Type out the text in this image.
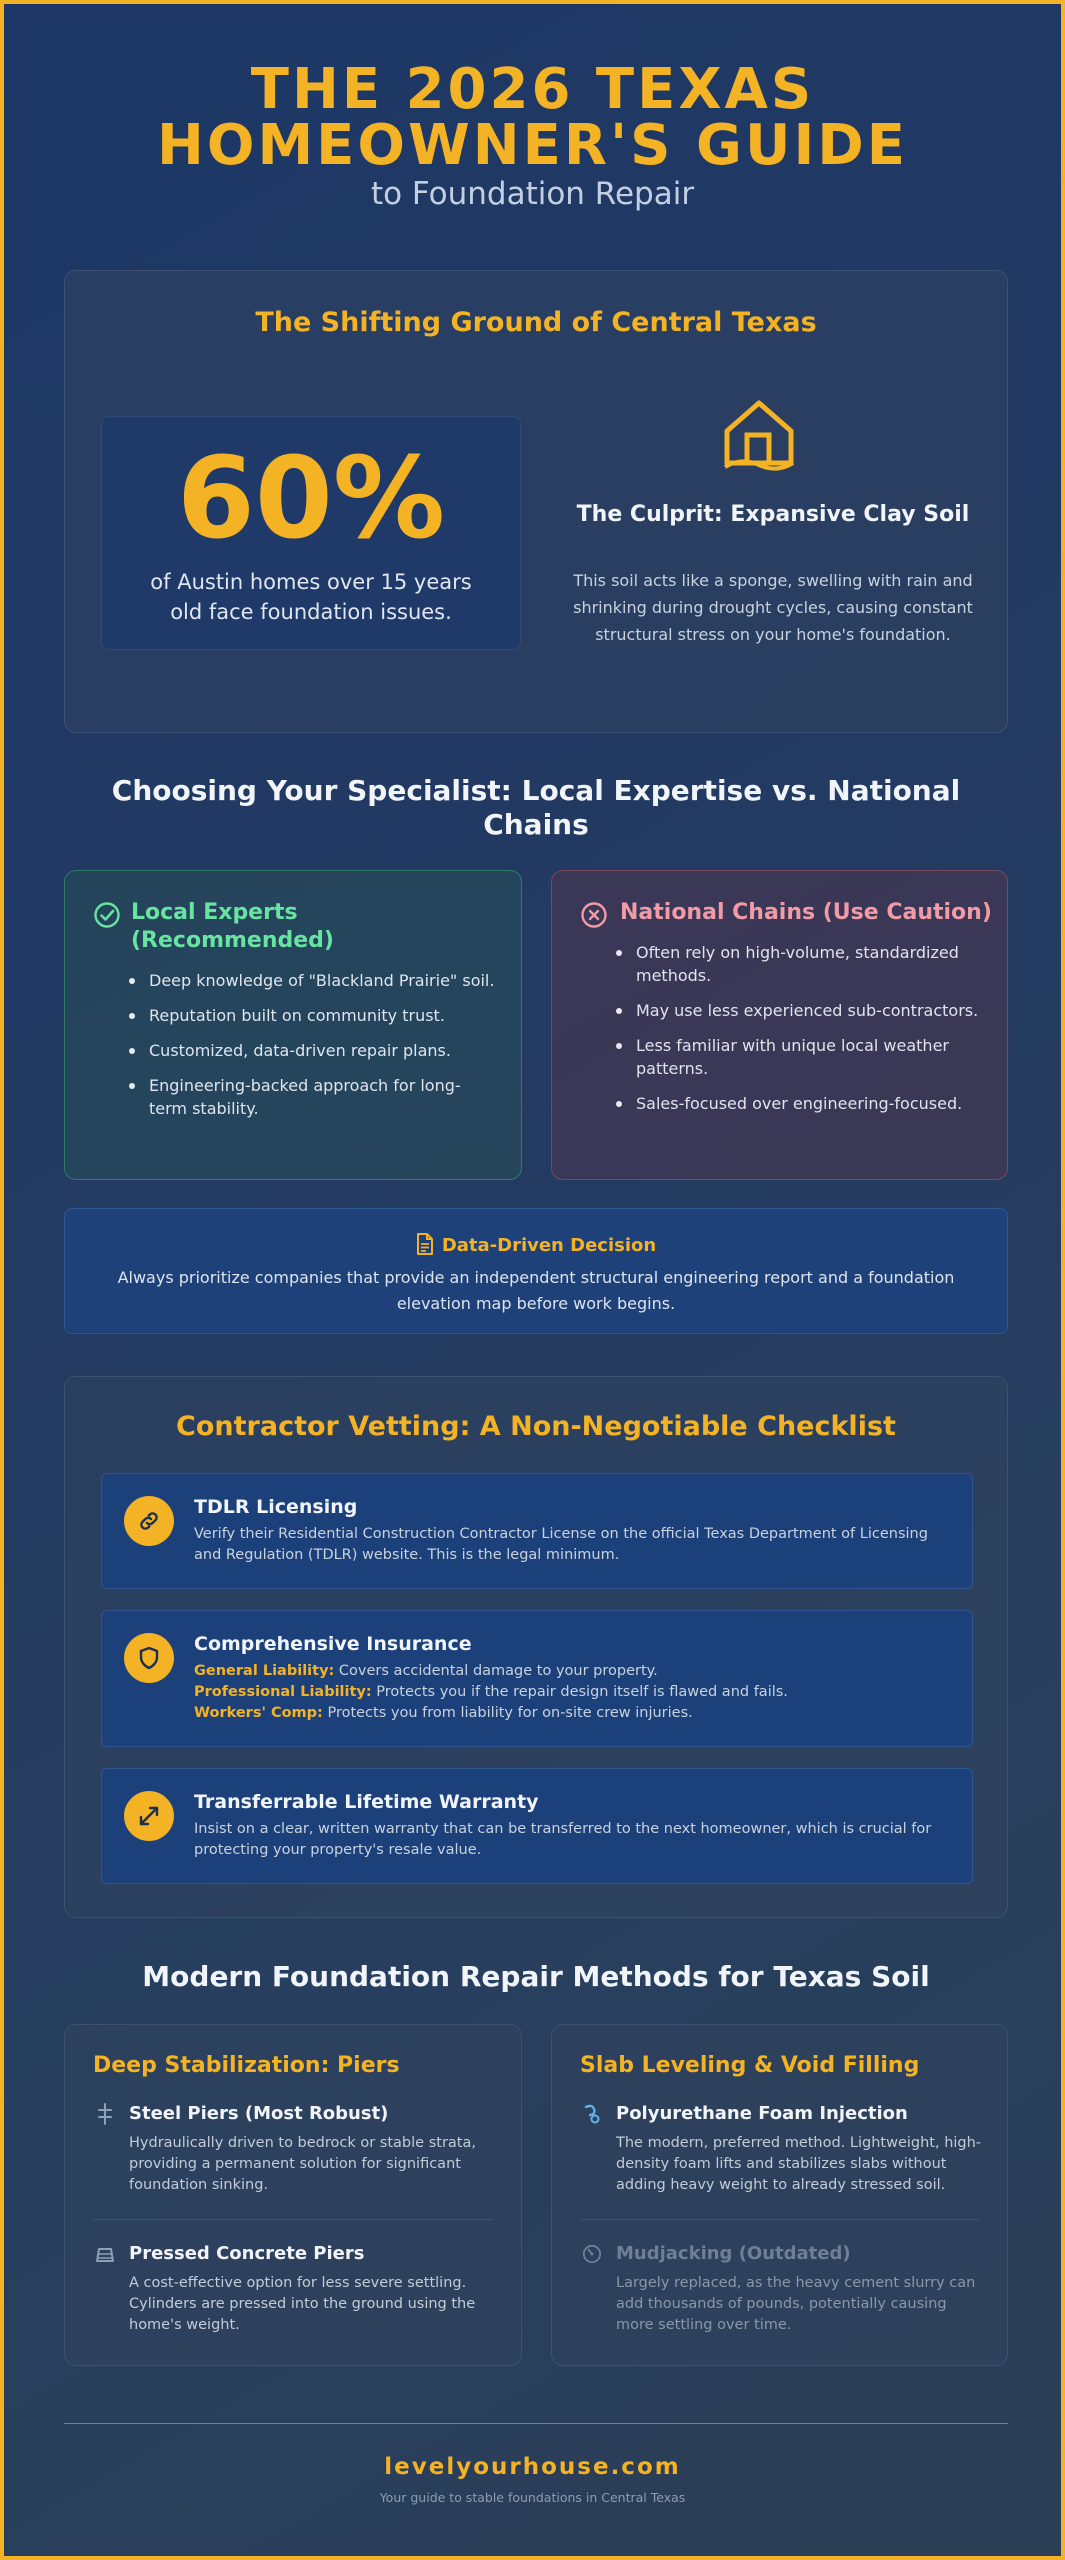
THE 2026 TEXAS HOMEOWNER'S GUIDE
to Foundation Repair
The Shifting Ground of Central Texas
60%
of Austin homes over 15 years old face foundation issues.
The Culprit: Expansive Clay Soil
This soil acts like a sponge, swelling with rain and shrinking during drought cycles, causing constant structural stress on your home's foundation.
Choosing Your Specialist: Local Expertise vs. National Chains
Local Experts (Recommended)
Deep knowledge of "Blackland Prairie" soil.
Reputation built on community trust.
Customized, data-driven repair plans.
Engineering-backed approach for long-term stability.
National Chains (Use Caution)
Often rely on high-volume, standardized methods.
May use less experienced sub-contractors.
Less familiar with unique local weather patterns.
Sales-focused over engineering-focused.
Data-Driven Decision
Always prioritize companies that provide an independent structural engineering report and a foundation elevation map before work begins.
Contractor Vetting: A Non-Negotiable Checklist
TDLR Licensing
Verify their Residential Construction Contractor License on the official Texas Department of Licensing and Regulation (TDLR) website. This is the legal minimum.
Comprehensive Insurance
General Liability: Covers accidental damage to your property.
Professional Liability: Protects you if the repair design itself is flawed and fails.
Workers' Comp: Protects you from liability for on-site crew injuries.
Transferrable Lifetime Warranty
Insist on a clear, written warranty that can be transferred to the next homeowner, which is crucial for protecting your property's resale value.
Modern Foundation Repair Methods for Texas Soil
Deep Stabilization: Piers
Steel Piers (Most Robust)
Hydraulically driven to bedrock or stable strata, providing a permanent solution for significant foundation sinking.
Pressed Concrete Piers
A cost-effective option for less severe settling. Cylinders are pressed into the ground using the home's weight.
Slab Leveling & Void Filling
Polyurethane Foam Injection
The modern, preferred method. Lightweight, high-density foam lifts and stabilizes slabs without adding heavy weight to already stressed soil.
Mudjacking (Outdated)
Largely replaced, as the heavy cement slurry can add thousands of pounds, potentially causing more settling over time.
levelyourhouse.com
Your guide to stable foundations in Central Texas
